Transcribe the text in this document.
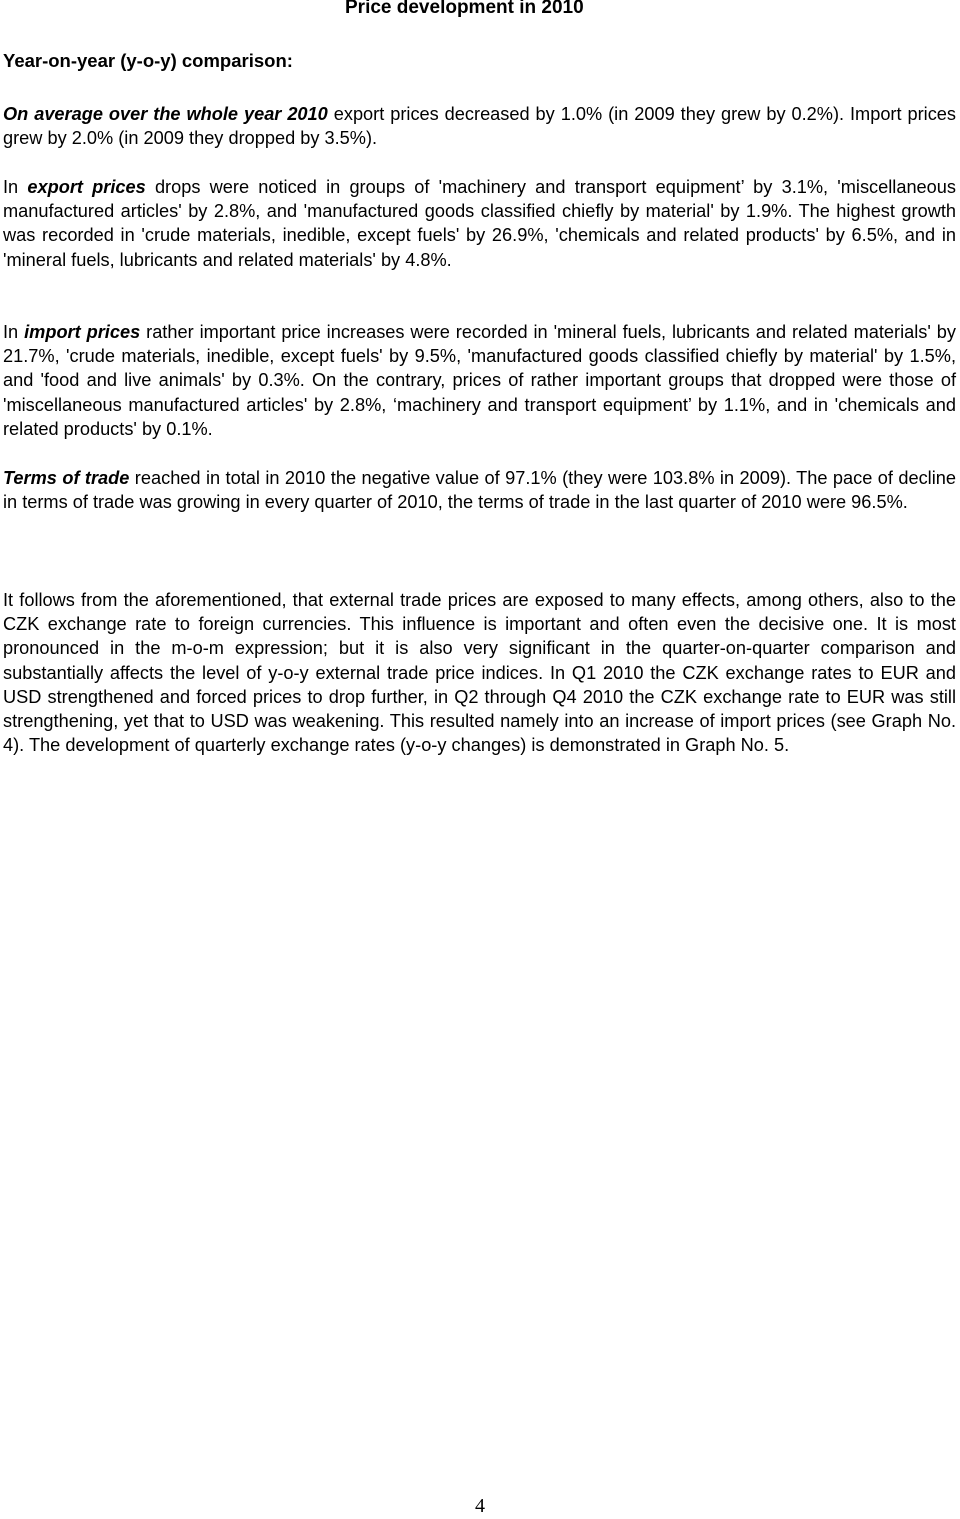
Price development in 2010
Year-on-year (y-o-y) comparison:

On average over the whole year 2010 export prices decreased by 1.0% (in 2009 they grew by 0.2%). Import prices grew by 2.0% (in 2009 they dropped by 3.5%).

In export prices drops were noticed in groups of 'machinery and transport equipment’ by 3.1%, 'miscellaneous manufactured articles' by 2.8%, and 'manufactured goods classified chiefly by material' by 1.9%. The highest growth was recorded in 'crude materials, inedible, except fuels' by 26.9%, 'chemicals and related products' by 6.5%, and in 'mineral fuels, lubricants and related materials' by 4.8%.

In import prices rather important price increases were recorded in 'mineral fuels, lubricants and related materials' by 21.7%, 'crude materials, inedible, except fuels' by 9.5%, 'manufactured goods classified chiefly by material' by 1.5%, and 'food and live animals' by 0.3%. On the contrary, prices of rather important groups that dropped were those of 'miscellaneous manufactured articles' by 2.8%, ‘machinery and transport equipment’ by 1.1%, and in 'chemicals and related products' by 0.1%.

Terms of trade reached in total in 2010 the negative value of 97.1% (they were 103.8% in 2009). The pace of decline in terms of trade was growing in every quarter of 2010, the terms of trade in the last quarter of 2010 were 96.5%.

It follows from the aforementioned, that external trade prices are exposed to many effects, among others, also to the CZK exchange rate to foreign currencies. This influence is important and often even the decisive one. It is most pronounced in the m-o-m expression; but it is also very significant in the quarter-on-quarter comparison and substantially affects the level of y-o-y external trade price indices. In Q1 2010 the CZK exchange rates to EUR and USD strengthened and forced prices to drop further, in Q2 through Q4 2010 the CZK exchange rate to EUR was still strengthening, yet that to USD was weakening. This resulted namely into an increase of import prices (see Graph No. 4). The development of quarterly exchange rates (y-o-y changes) is demonstrated in Graph No. 5.

4
